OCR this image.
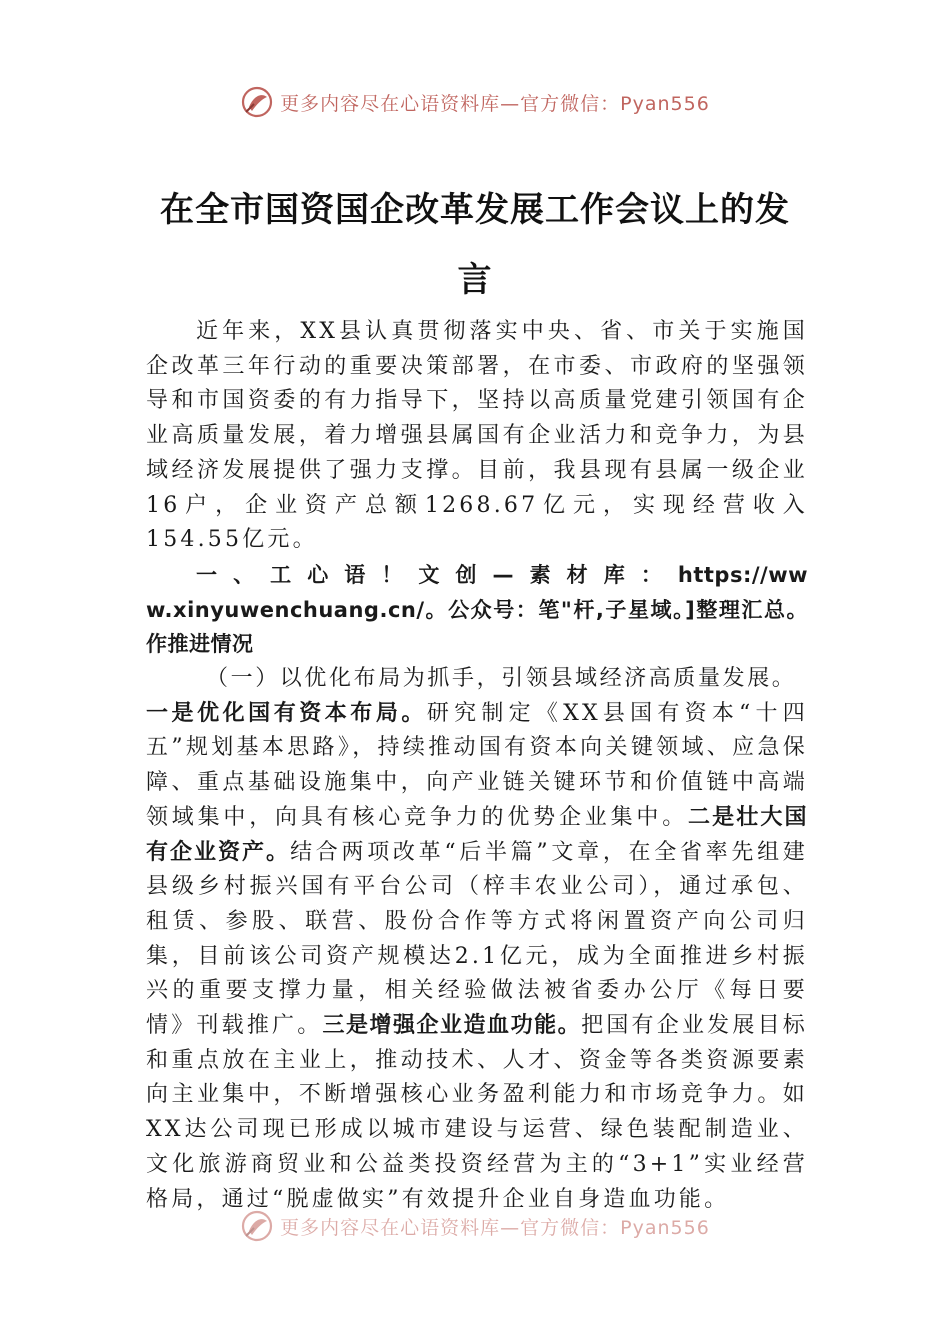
更多内容尽在心语资料库—官方微信：Pyan556
在全市国资国企改革发展工作会议上的发
言

近年来，XX县认真贯彻落实中央、省、市关于实施国企改革三年行动的重要决策部署，在市委、市政府的坚强领导和市国资委的有力指导下，坚持以高质量党建引领国有企业高质量发展，着力增强县属国有企业活力和竞争力，为县域经济发展提供了强力支撑。目前，我县现有县属一级企业16户，企业资产总额1268.67亿元，实现经营收入154.55亿元。

一、工心语！文创—素材库：https://www.xinyuwenchuang.cn/。公众号：笔"杆,子星域。]整理汇总。作推进情况

（一）以优化布局为抓手，引领县域经济高质量发展。

一是优化国有资本布局。研究制定《XX县国有资本“十四五”规划基本思路》，持续推动国有资本向关键领域、应急保障、重点基础设施集中，向产业链关键环节和价值链中高端领域集中，向具有核心竞争力的优势企业集中。二是壮大国有企业资产。结合两项改革“后半篇”文章，在全省率先组建县级乡村振兴国有平台公司（梓丰农业公司），通过承包、租赁、参股、联营、股份合作等方式将闲置资产向公司归集，目前该公司资产规模达2.1亿元，成为全面推进乡村振兴的重要支撑力量，相关经验做法被省委办公厅《每日要情》刊载推广。三是增强企业造血功能。把国有企业发展目标和重点放在主业上，推动技术、人才、资金等各类资源要素向主业集中，不断增强核心业务盈利能力和市场竞争力。如XX达公司现已形成以城市建设与运营、绿色装配制造业、文化旅游商贸业和公益类投资经营为主的“3+1”实业经营格局，通过“脱虚做实”有效提升企业自身造血功能。

更多内容尽在心语资料库—官方微信：Pyan556
